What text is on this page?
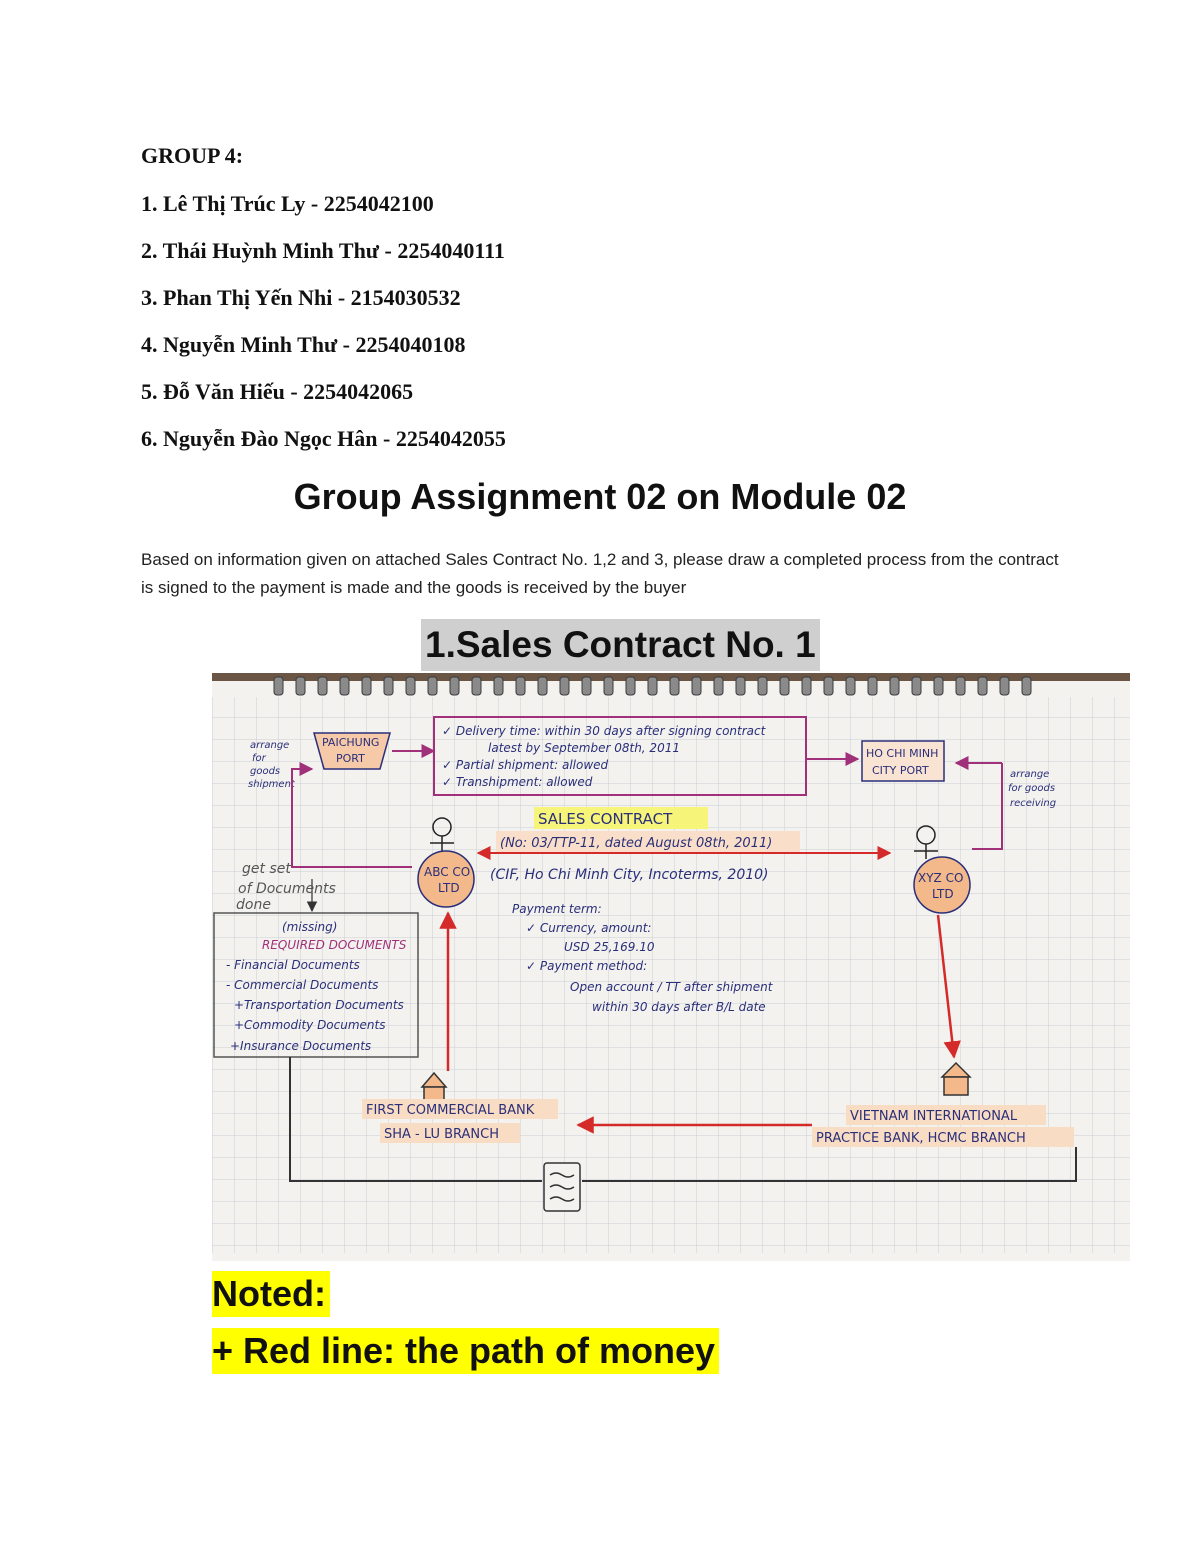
GROUP 4:
1. Lê Thị Trúc Ly - 2254042100
2. Thái Huỳnh Minh Thư - 2254040111
3. Phan Thị Yến Nhi - 2154030532
4. Nguyễn Minh Thư - 2254040108
5. Đỗ Văn Hiếu - 2254042065
6. Nguyễn Đào Ngọc Hân - 2254042055
Group Assignment 02 on Module 02
Based on information given on attached Sales Contract No. 1,2 and 3, please draw a completed process from the contract is signed to the payment is made and the goods is received by the buyer
1.Sales Contract No. 1
PAICHUNG
PORT
arrange
for
goods
shipment
✓ Delivery time: within 30 days after signing contract
latest by September 08th, 2011
✓ Partial shipment: allowed
✓ Transhipment: allowed
HO CHI MINH
CITY PORT	arrange
for goods
receiving
SALES CONTRACT
(No: 03/TTP-11, dated August 08th, 2011)
ABC CO
LTD
XYZ CO
LTD
(CIF, Ho Chi Minh City, Incoterms, 2010)
get set
of Documents
done
(missing)
REQUIRED DOCUMENTS
- Financial Documents
- Commercial Documents
+Transportation Documents
+Commodity Documents
+Insurance Documents
Payment term:
✓ Currency, amount:
USD 25,169.10
✓ Payment method:
Open account / TT after shipment
within 30 days after B/L date
FIRST COMMERCIAL BANK
SHA - LU BRANCH
VIETNAM INTERNATIONAL
PRACTICE BANK, HCMC BRANCH
Noted:
+ Red line: the path of money
